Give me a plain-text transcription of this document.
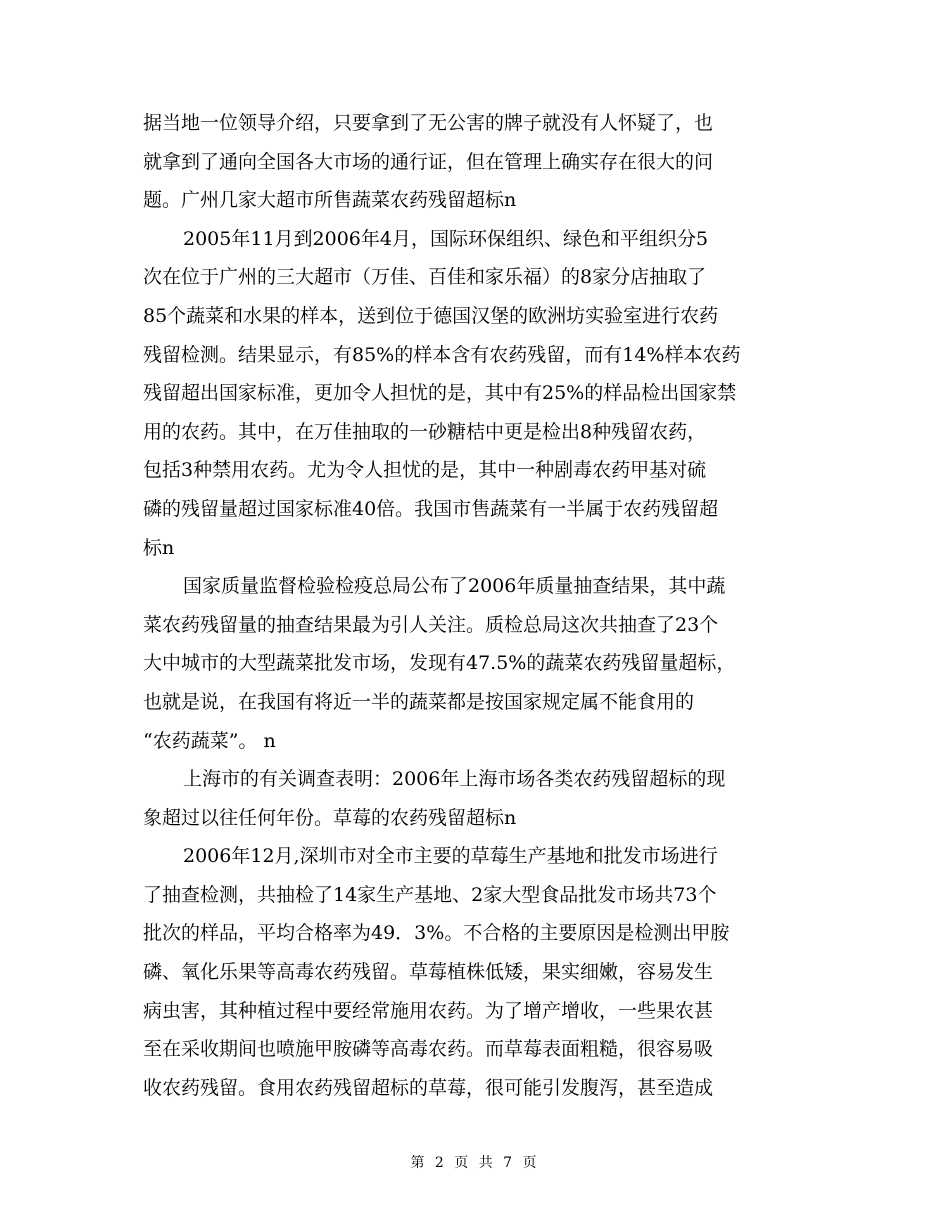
据当地一位领导介绍，只要拿到了无公害的牌子就没有人怀疑了，也
就拿到了通向全国各大市场的通行证，但在管理上确实存在很大的问
题。广州几家大超市所售蔬菜农药残留超标n
2005年11月到2006年4月，国际环保组织、绿色和平组织分5
次在位于广州的三大超市（万佳、百佳和家乐福）的8家分店抽取了
85个蔬菜和水果的样本，送到位于德国汉堡的欧洲坊实验室进行农药
残留检测。结果显示，有85%的样本含有农药残留，而有14%样本农药
残留超出国家标准，更加令人担忧的是，其中有25%的样品检出国家禁
用的农药。其中，在万佳抽取的一砂糖桔中更是检出8种残留农药，
包括3种禁用农药。尤为令人担忧的是，其中一种剧毒农药甲基对硫
磷的残留量超过国家标准40倍。我国市售蔬菜有一半属于农药残留超
标n
国家质量监督检验检疫总局公布了2006年质量抽查结果，其中蔬
菜农药残留量的抽查结果最为引人关注。质检总局这次共抽查了23个
大中城市的大型蔬菜批发市场，发现有47.5%的蔬菜农药残留量超标，
也就是说，在我国有将近一半的蔬菜都是按国家规定属不能食用的
“农药蔬菜”。 n
上海市的有关调查表明：2006年上海市场各类农药残留超标的现
象超过以往任何年份。草莓的农药残留超标n
2006年12月,深圳市对全市主要的草莓生产基地和批发市场进行
了抽查检测，共抽检了14家生产基地、2家大型食品批发市场共73个
批次的样品，平均合格率为49．3%。不合格的主要原因是检测出甲胺
磷、氧化乐果等高毒农药残留。草莓植株低矮，果实细嫩，容易发生
病虫害，其种植过程中要经常施用农药。为了增产增收，一些果农甚
至在采收期间也喷施甲胺磷等高毒农药。而草莓表面粗糙，很容易吸
收农药残留。食用农药残留超标的草莓，很可能引发腹泻，甚至造成
第 2 页 共 7 页
